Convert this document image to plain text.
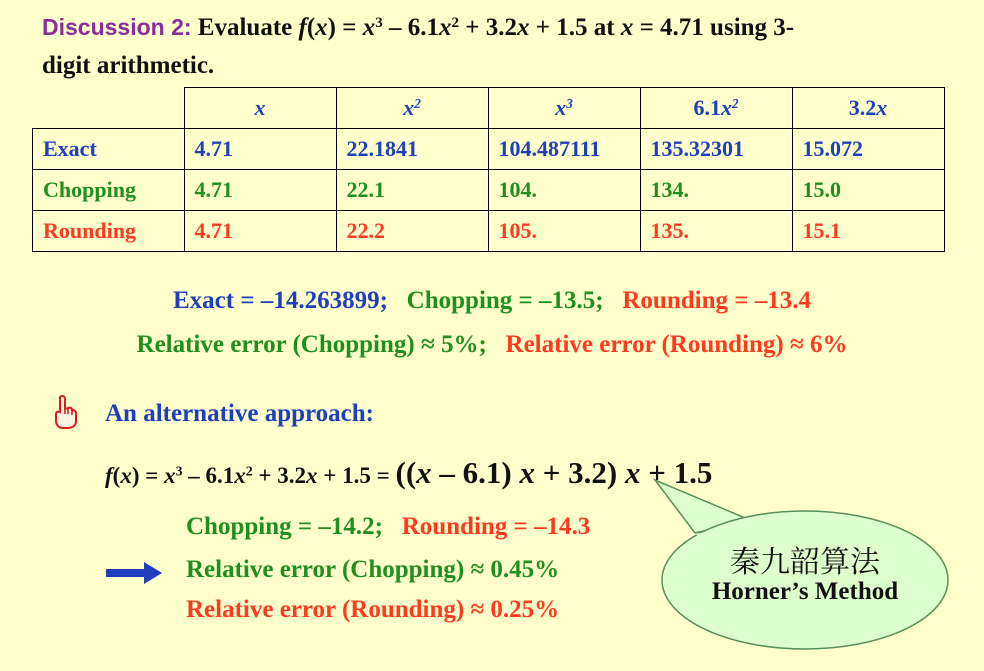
Discussion 2: Evaluate $f(x) = x^3 - 6.1x^2 + 3.2x + 1.5$ at x = 4.71 using 3-
digit arithmetic.
	x	$x^2$	$x^3$	$6.1x^2$	3.2x
Exact	4.71	22.1841	104.487111	135.32301	15.072
Chopping	4.71	22.1	104.	134.	15.0
Rounding	4.71	22.2	105.	135.	15.1
Exact = –14.263899; Chopping = –13.5; Rounding = –13.4
Relative error (Chopping) ≈ 5%; Relative error (Rounding) ≈ 6%
An alternative approach:
$f(x) = x^3 - 6.1x^2 + 3.2x + 1.5 = ((x - 6.1) x + 3.2) x + 1.5$
Chopping = –14.2; Rounding = –14.3
Relative error (Chopping) ≈ 0.45%
Relative error (Rounding) ≈ 0.25%
秦九韶算法
Horner’s Method
